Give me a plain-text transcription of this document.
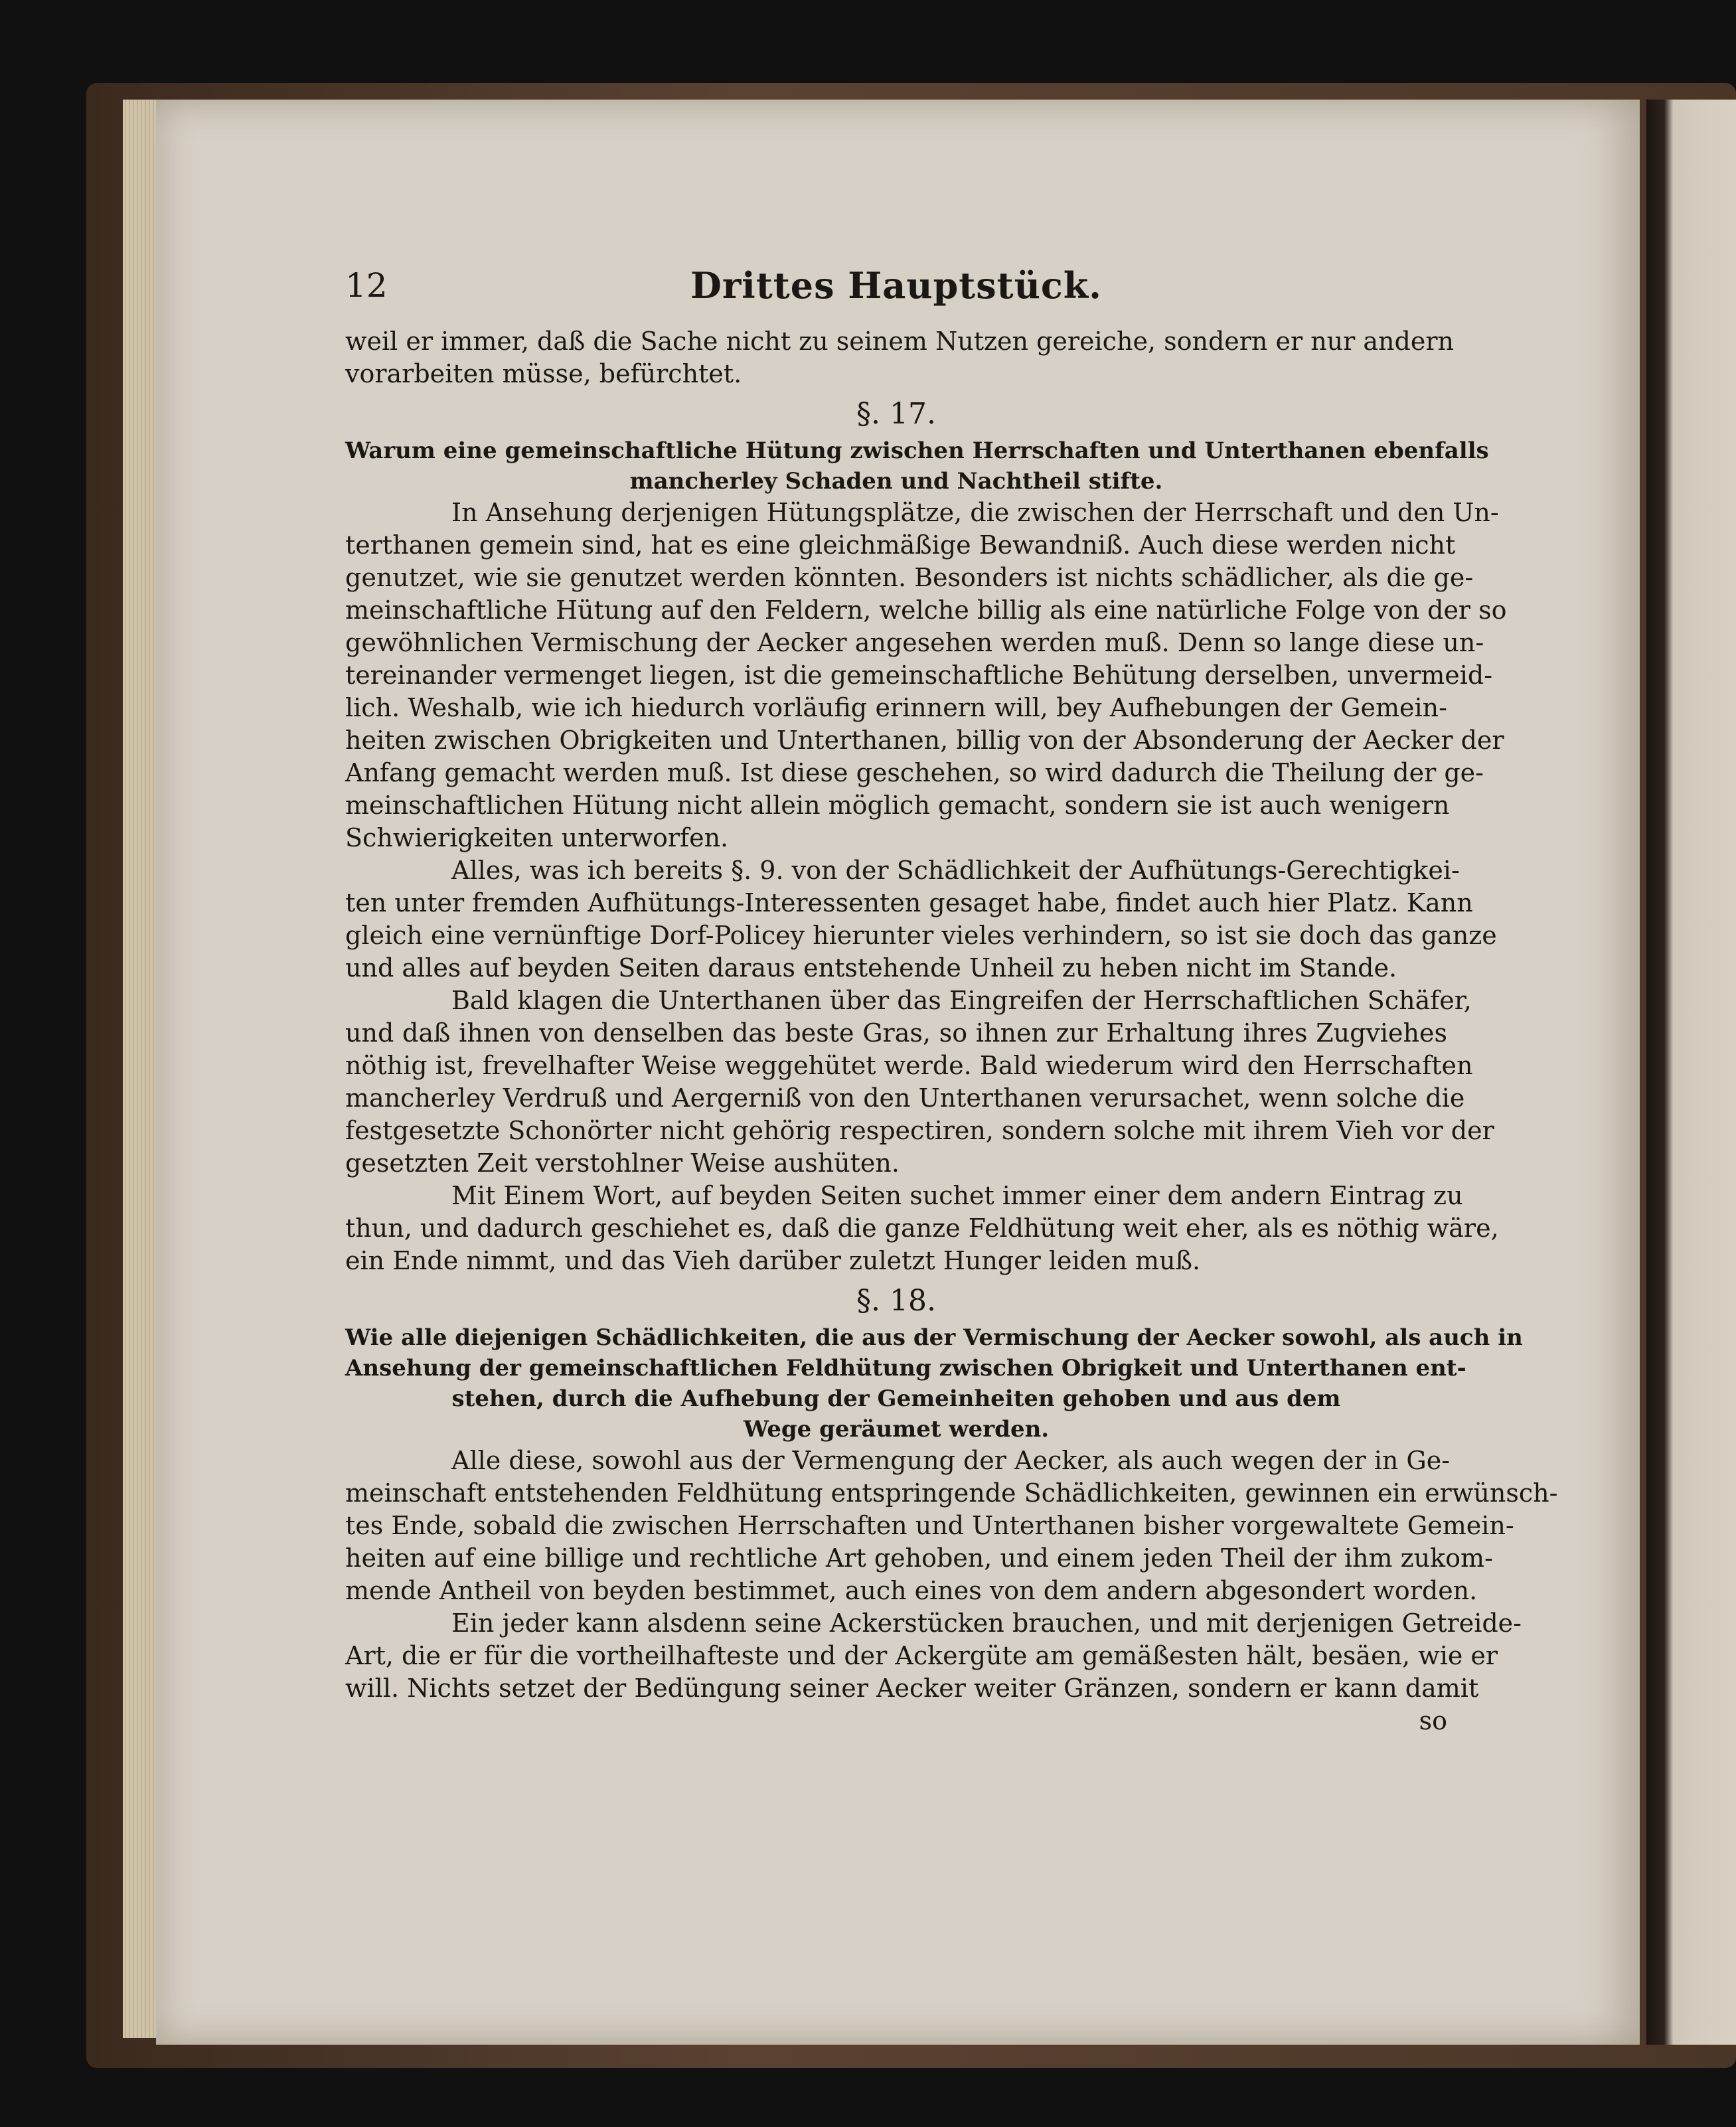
12	Drittes Hauptstück.
weil er immer, daß die Sache nicht zu seinem Nutzen gereiche, sondern er nur andern
vorarbeiten müsse, befürchtet.
§. 17.
Warum eine gemeinschaftliche Hütung zwischen Herrschaften und Unterthanen ebenfalls
mancherley Schaden und Nachtheil stifte.
In Ansehung derjenigen Hütungsplätze, die zwischen der Herrschaft und den Un-
terthanen gemein sind, hat es eine gleichmäßige Bewandniß. Auch diese werden nicht
genutzet, wie sie genutzet werden könnten. Besonders ist nichts schädlicher, als die ge-
meinschaftliche Hütung auf den Feldern, welche billig als eine natürliche Folge von der so
gewöhnlichen Vermischung der Aecker angesehen werden muß. Denn so lange diese un-
tereinander vermenget liegen, ist die gemeinschaftliche Behütung derselben, unvermeid-
lich. Weshalb, wie ich hiedurch vorläufig erinnern will, bey Aufhebungen der Gemein-
heiten zwischen Obrigkeiten und Unterthanen, billig von der Absonderung der Aecker der
Anfang gemacht werden muß. Ist diese geschehen, so wird dadurch die Theilung der ge-
meinschaftlichen Hütung nicht allein möglich gemacht, sondern sie ist auch wenigern
Schwierigkeiten unterworfen.
Alles, was ich bereits §. 9. von der Schädlichkeit der Aufhütungs-Gerechtigkei-
ten unter fremden Aufhütungs-Interessenten gesaget habe, findet auch hier Platz. Kann
gleich eine vernünftige Dorf-Policey hierunter vieles verhindern, so ist sie doch das ganze
und alles auf beyden Seiten daraus entstehende Unheil zu heben nicht im Stande.
Bald klagen die Unterthanen über das Eingreifen der Herrschaftlichen Schäfer,
und daß ihnen von denselben das beste Gras, so ihnen zur Erhaltung ihres Zugviehes
nöthig ist, frevelhafter Weise weggehütet werde. Bald wiederum wird den Herrschaften
mancherley Verdruß und Aergerniß von den Unterthanen verursachet, wenn solche die
festgesetzte Schonörter nicht gehörig respectiren, sondern solche mit ihrem Vieh vor der
gesetzten Zeit verstohlner Weise aushüten.
Mit Einem Wort, auf beyden Seiten suchet immer einer dem andern Eintrag zu
thun, und dadurch geschiehet es, daß die ganze Feldhütung weit eher, als es nöthig wäre,
ein Ende nimmt, und das Vieh darüber zuletzt Hunger leiden muß.
§. 18.
Wie alle diejenigen Schädlichkeiten, die aus der Vermischung der Aecker sowohl, als auch in
Ansehung der gemeinschaftlichen Feldhütung zwischen Obrigkeit und Unterthanen ent-
stehen, durch die Aufhebung der Gemeinheiten gehoben und aus dem
Wege geräumet werden.
Alle diese, sowohl aus der Vermengung der Aecker, als auch wegen der in Ge-
meinschaft entstehenden Feldhütung entspringende Schädlichkeiten, gewinnen ein erwünsch-
tes Ende, sobald die zwischen Herrschaften und Unterthanen bisher vorgewaltete Gemein-
heiten auf eine billige und rechtliche Art gehoben, und einem jeden Theil der ihm zukom-
mende Antheil von beyden bestimmet, auch eines von dem andern abgesondert worden.
Ein jeder kann alsdenn seine Ackerstücken brauchen, und mit derjenigen Getreide-
Art, die er für die vortheilhafteste und der Ackergüte am gemäßesten hält, besäen, wie er
will. Nichts setzet der Bedüngung seiner Aecker weiter Gränzen, sondern er kann damit
so
